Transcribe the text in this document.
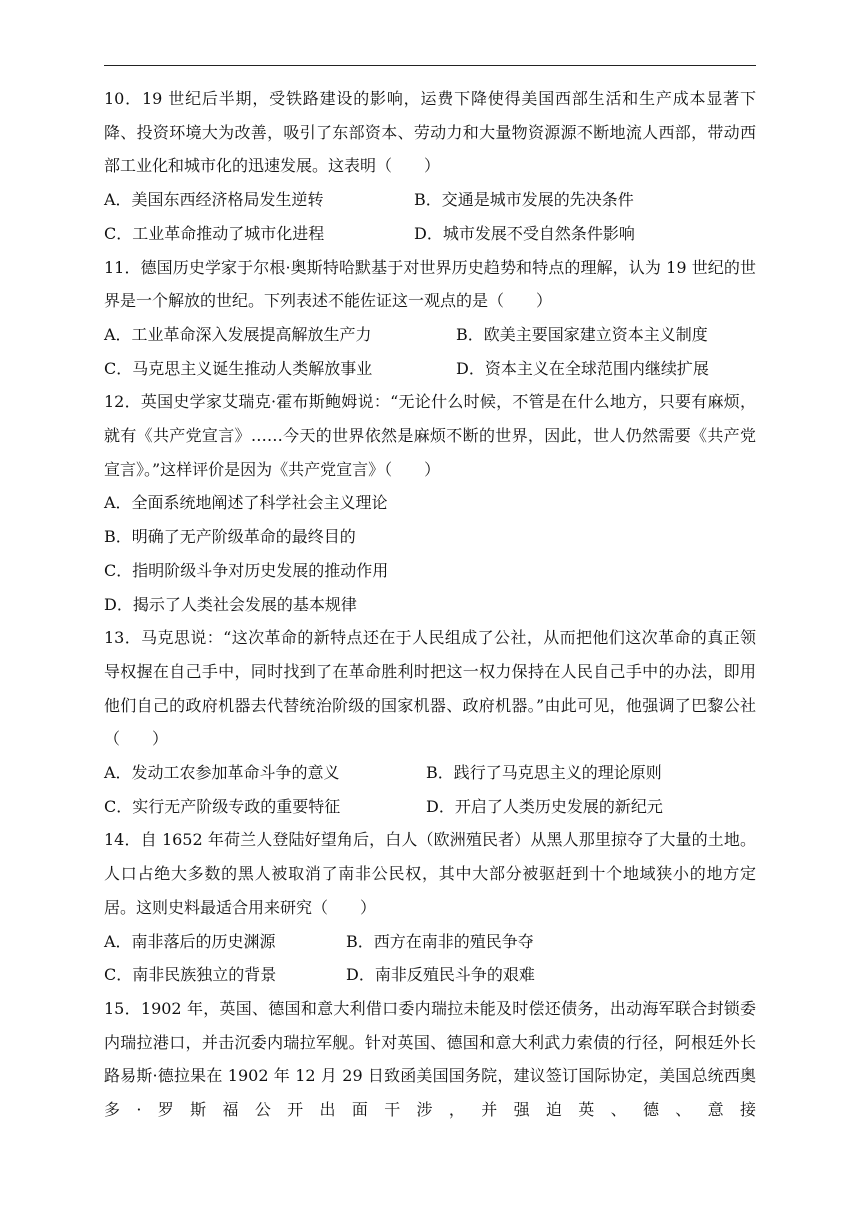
10．19 世纪后半期，受铁路建设的影响，运费下降使得美国西部生活和生产成本显著下降、投资环境大为改善，吸引了东部资本、劳动力和大量物资源源不断地流人西部，带动西部工业化和城市化的迅速发展。这表明（　　）
A．美国东西经济格局发生逆转	B．交通是城市发展的先决条件
C．工业革命推动了城市化进程	D．城市发展不受自然条件影响
11．德国历史学家于尔根·奥斯特哈默基于对世界历史趋势和特点的理解，认为 19 世纪的世界是一个解放的世纪。下列表述不能佐证这一观点的是（　　）
A．工业革命深入发展提高解放生产力	B．欧美主要国家建立资本主义制度
C．马克思主义诞生推动人类解放事业	D．资本主义在全球范围内继续扩展
12．英国史学家艾瑞克·霍布斯鲍姆说：“无论什么时候，不管是在什么地方，只要有麻烦，就有《共产党宣言》……今天的世界依然是麻烦不断的世界，因此，世人仍然需要《共产党宣言》。”这样评价是因为《共产党宣言》（　　）
A．全面系统地阐述了科学社会主义理论
B．明确了无产阶级革命的最终目的
C．指明阶级斗争对历史发展的推动作用
D．揭示了人类社会发展的基本规律
13．马克思说：“这次革命的新特点还在于人民组成了公社，从而把他们这次革命的真正领导权握在自己手中，同时找到了在革命胜利时把这一权力保持在人民自己手中的办法，即用他们自己的政府机器去代替统治阶级的国家机器、政府机器。”由此可见，他强调了巴黎公社（　　）
A．发动工农参加革命斗争的意义	B．践行了马克思主义的理论原则
C．实行无产阶级专政的重要特征	D．开启了人类历史发展的新纪元
14．自 1652 年荷兰人登陆好望角后，白人（欧洲殖民者）从黑人那里掠夺了大量的土地。人口占绝大多数的黑人被取消了南非公民权，其中大部分被驱赶到十个地域狭小的地方定居。这则史料最适合用来研究（　　）
A．南非落后的历史渊源	B．西方在南非的殖民争夺
C．南非民族独立的背景	D．南非反殖民斗争的艰难
15．1902 年，英国、德国和意大利借口委内瑞拉未能及时偿还债务，出动海军联合封锁委内瑞拉港口，并击沉委内瑞拉军舰。针对英国、德国和意大利武力索债的行径，阿根廷外长路易斯·德拉果在 1902 年 12 月 29 日致函美国国务院，建议签订国际协定，美国总统西奥多·罗斯福公开出面干涉，并强迫英、德、意接
